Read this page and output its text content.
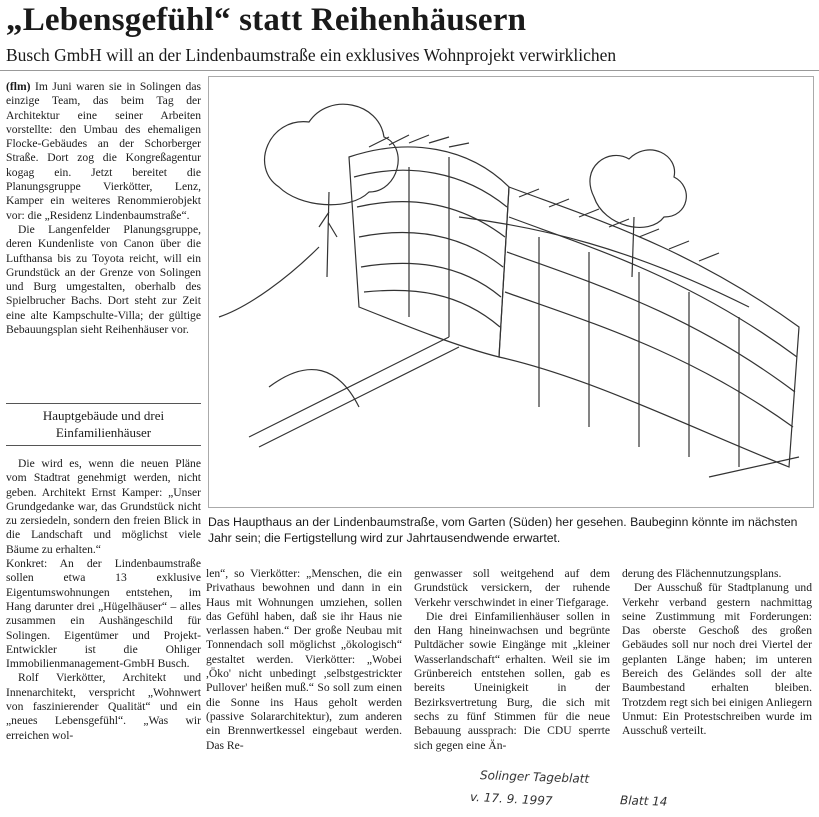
„Lebensgefühl“ statt Reihenhäusern
Busch GmbH will an der Lindenbaumstraße ein exklusives Wohnprojekt verwirklichen

(flm) Im Juni waren sie in Solingen das einzige Team, das beim Tag der Architektur eine seiner Arbeiten vorstellte: den Umbau des ehemaligen Flocke-Gebäudes an der Schorberger Straße. Dort zog die Kongreßagentur kogag ein. Jetzt bereitet die Planungsgruppe Vierkötter, Lenz, Kamper ein weiteres Renommierobjekt vor: die „Residenz Lindenbaumstraße“.

Die Langenfelder Planungsgruppe, deren Kundenliste von Canon über die Lufthansa bis zu Toyota reicht, will ein Grundstück an der Grenze von Solingen und Burg umgestalten, oberhalb des Spielbrucher Bachs. Dort steht zur Zeit eine alte Kampschulte-Villa; der gültige Bebauungsplan sieht Reihenhäuser vor.

Hauptgebäude und drei Einfamilienhäuser

Die wird es, wenn die neuen Pläne vom Stadtrat genehmigt werden, nicht geben. Architekt Ernst Kamper: „Unser Grundgedanke war, das Grundstück nicht zu zersiedeln, sondern den freien Blick in die Landschaft und möglichst viele Bäume zu erhalten.“

Konkret: An der Lindenbaumstraße sollen etwa 13 exklusive Eigentumswohnungen entstehen, im Hang darunter drei „Hügelhäuser“ – alles zusammen ein Aushängeschild für Solingen. Eigentümer und Projekt-Entwickler ist die Ohliger Immobilienmanagement-GmbH Busch.

Rolf Vierkötter, Architekt und Innenarchitekt, verspricht „Wohnwert von faszinierender Qualität“ und ein „neues Lebensgefühl“. „Was wir erreichen wol-

Das Haupthaus an der Lindenbaumstraße, vom Garten (Süden) her gesehen. Baubeginn könnte im nächsten Jahr sein; die Fertigstellung wird zur Jahrtausendwende erwartet.

len“, so Vierkötter: „Menschen, die ein Privathaus bewohnen und dann in ein Haus mit Wohnungen umziehen, sollen das Gefühl haben, daß sie ihr Haus nie verlassen haben.“ Der große Neubau mit Tonnendach soll möglichst „ökologisch“ gestaltet werden. Vierkötter: „Wobei ,Öko' nicht unbedingt ,selbstgestrickter Pullover' heißen muß.“ So soll zum einen die Sonne ins Haus geholt werden (passive Solararchitektur), zum anderen ein Brennwertkessel eingebaut werden. Das Re-

genwasser soll weitgehend auf dem Grundstück versickern, der ruhende Verkehr verschwindet in einer Tiefgarage.

Die drei Einfamilienhäuser sollen in den Hang hineinwachsen und begrünte Pultdächer sowie Eingänge mit „kleiner Wasserlandschaft“ erhalten. Weil sie im Grünbereich entstehen sollen, gab es bereits Uneinigkeit in der Bezirksvertretung Burg, die sich mit sechs zu fünf Stimmen für die neue Bebauung aussprach: Die CDU sperrte sich gegen eine Än-

derung des Flächennutzungsplans.

Der Ausschuß für Stadtplanung und Verkehr verband gestern nachmittag seine Zustimmung mit Forderungen: Das oberste Geschoß des großen Gebäudes soll nur noch drei Viertel der geplanten Länge haben; im unteren Bereich des Geländes soll der alte Baumbestand erhalten bleiben. Trotzdem regt sich bei einigen Anliegern Unmut: Ein Protestschreiben wurde im Ausschuß verteilt.

Solinger Tageblatt
v. 17. 9. 1997	Blatt 14
